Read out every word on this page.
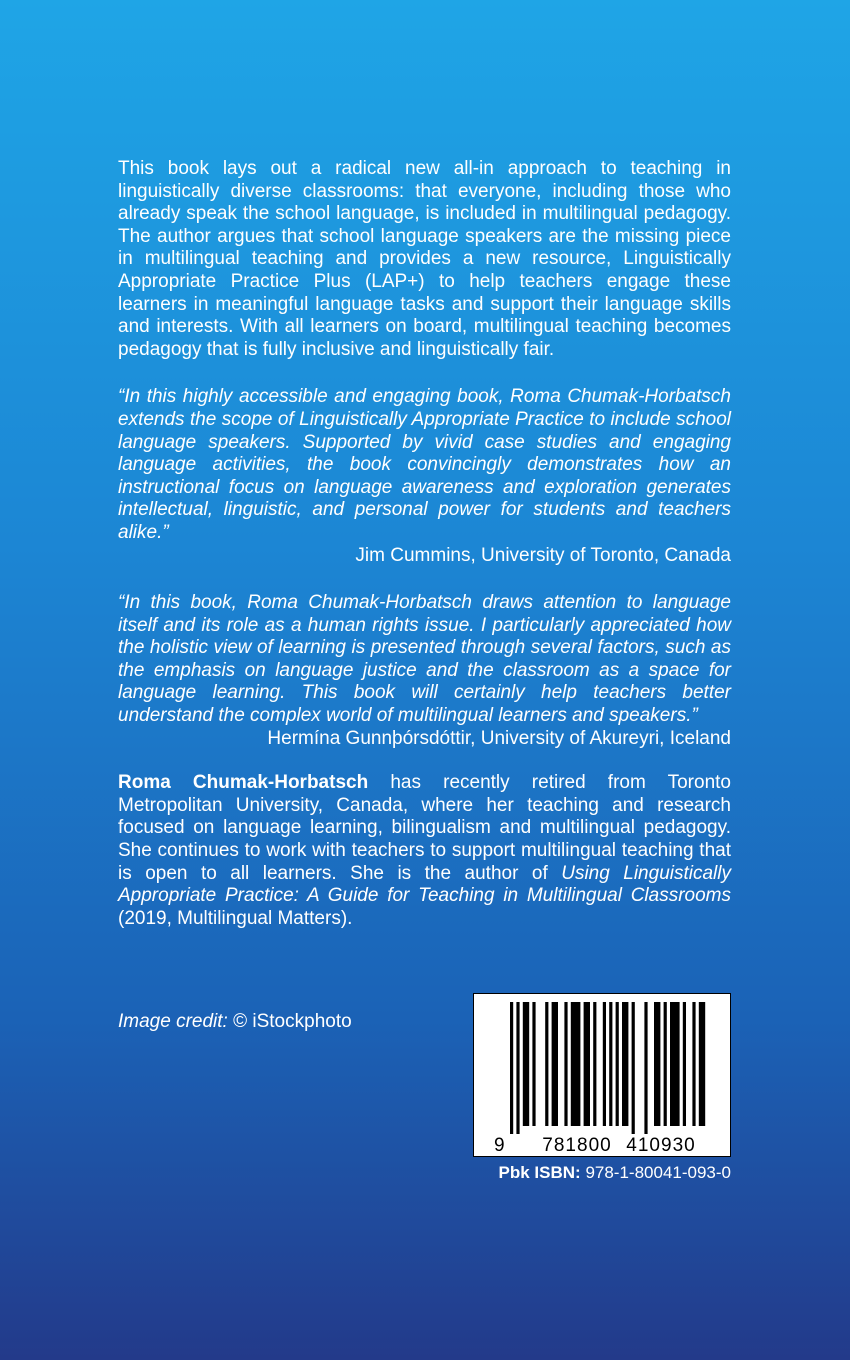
This book lays out a radical new all-in approach to teaching in linguistically diverse classrooms: that everyone, including those who already speak the school language, is included in multilingual pedagogy. The author argues that school language speakers are the missing piece in multilingual teaching and provides a new resource, Linguistically Appropriate Practice Plus (LAP+) to help teachers engage these learners in meaningful language tasks and support their language skills and interests. With all learners on board, multilingual teaching becomes pedagogy that is fully inclusive and linguistically fair.

“In this highly accessible and engaging book, Roma Chumak-Horbatsch extends the scope of Linguistically Appropriate Practice to include school language speakers. Supported by vivid case studies and engaging language activities, the book convincingly demonstrates how an instructional focus on language awareness and exploration generates intellectual, linguistic, and personal power for students and teachers alike.”

Jim Cummins, University of Toronto, Canada

“In this book, Roma Chumak-Horbatsch draws attention to language itself and its role as a human rights issue. I particularly appreciated how the holistic view of learning is presented through several factors, such as the emphasis on language justice and the classroom as a space for language learning. This book will certainly help teachers better understand the complex world of multilingual learners and speakers.”

Hermína Gunnþórsdóttir, University of Akureyri, Iceland

Roma Chumak-Horbatsch has recently retired from Toronto Metropolitan University, Canada, where her teaching and research focused on language learning, bilingualism and multilingual pedagogy. She continues to work with teachers to support multilingual teaching that is open to all learners. She is the author of Using Linguistically Appropriate Practice: A Guide for Teaching in Multilingual Classrooms (2019, Multilingual Matters).

Image credit: © iStockphoto
9 781800 410930
Pbk ISBN: 978-1-80041-093-0
